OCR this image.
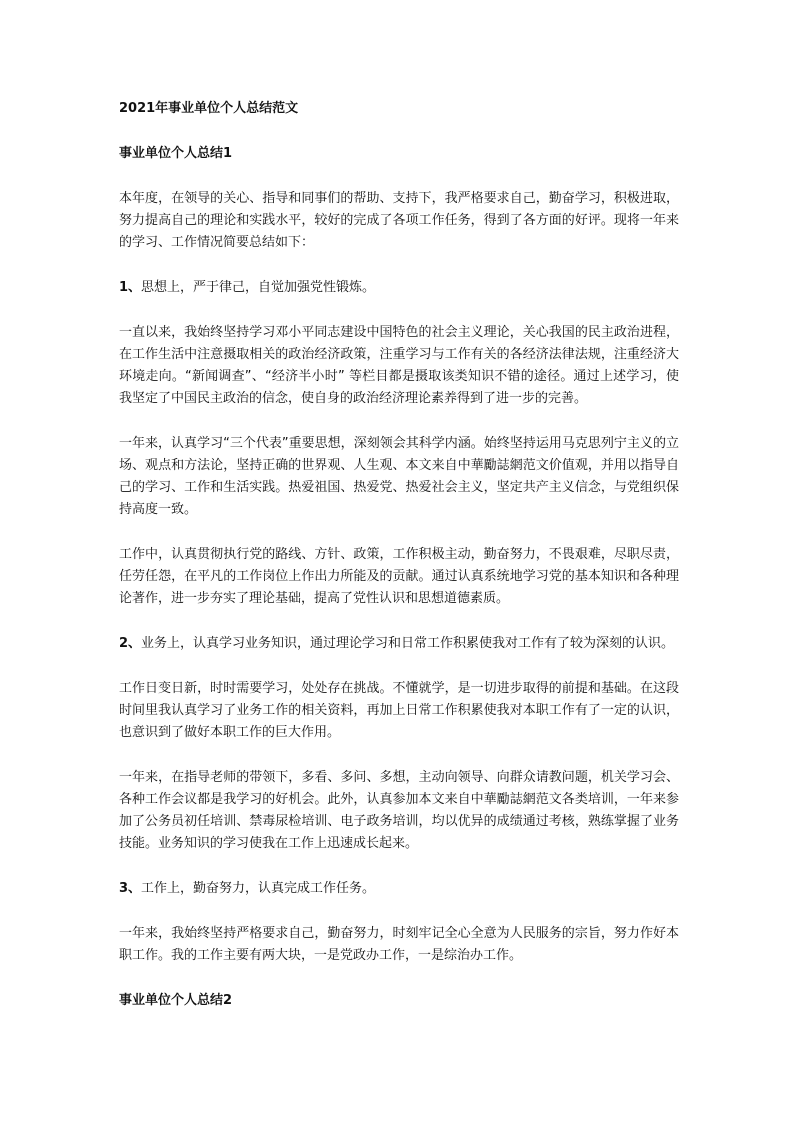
2021年事业单位个人总结范文
事业单位个人总结1
本年度，在领导的关心、指导和同事们的帮助、支持下，我严格要求自己，勤奋学习，积极进取，努力提高自己的理论和实践水平，较好的完成了各项工作任务，得到了各方面的好评。现将一年来的学习、工作情况简要总结如下：
1、思想上，严于律己，自觉加强党性锻炼。
一直以来，我始终坚持学习邓小平同志建设中国特色的社会主义理论，关心我国的民主政治进程，在工作生活中注意摄取相关的政治经济政策，注重学习与工作有关的各经济法律法规，注重经济大环境走向。“新闻调查”、“经济半小时” 等栏目都是摄取该类知识不错的途径。通过上述学习，使我坚定了中国民主政治的信念，使自身的政治经济理论素养得到了进一步的完善。
一年来，认真学习“三个代表”重要思想，深刻领会其科学内涵。始终坚持运用马克思列宁主义的立场、观点和方法论，坚持正确的世界观、人生观、本文来自中華勵誌網范文价值观，并用以指导自己的学习、工作和生活实践。热爱祖国、热爱党、热爱社会主义，坚定共产主义信念，与党组织保持高度一致。
工作中，认真贯彻执行党的路线、方针、政策，工作积极主动，勤奋努力，不畏艰难，尽职尽责，任劳任怨，在平凡的工作岗位上作出力所能及的贡献。通过认真系统地学习党的基本知识和各种理论著作，进一步夯实了理论基础，提高了党性认识和思想道德素质。
2、业务上，认真学习业务知识，通过理论学习和日常工作积累使我对工作有了较为深刻的认识。
工作日变日新，时时需要学习，处处存在挑战。不懂就学，是一切进步取得的前提和基础。在这段时间里我认真学习了业务工作的相关资料，再加上日常工作积累使我对本职工作有了一定的认识，也意识到了做好本职工作的巨大作用。
一年来，在指导老师的带领下，多看、多问、多想，主动向领导、向群众请教问题，机关学习会、各种工作会议都是我学习的好机会。此外，认真参加本文来自中華勵誌網范文各类培训，一年来参加了公务员初任培训、禁毒尿检培训、电子政务培训，均以优异的成绩通过考核，熟练掌握了业务技能。业务知识的学习使我在工作上迅速成长起来。
3、工作上，勤奋努力，认真完成工作任务。
一年来，我始终坚持严格要求自己，勤奋努力，时刻牢记全心全意为人民服务的宗旨，努力作好本职工作。我的工作主要有两大块，一是党政办工作，一是综治办工作。
事业单位个人总结2
